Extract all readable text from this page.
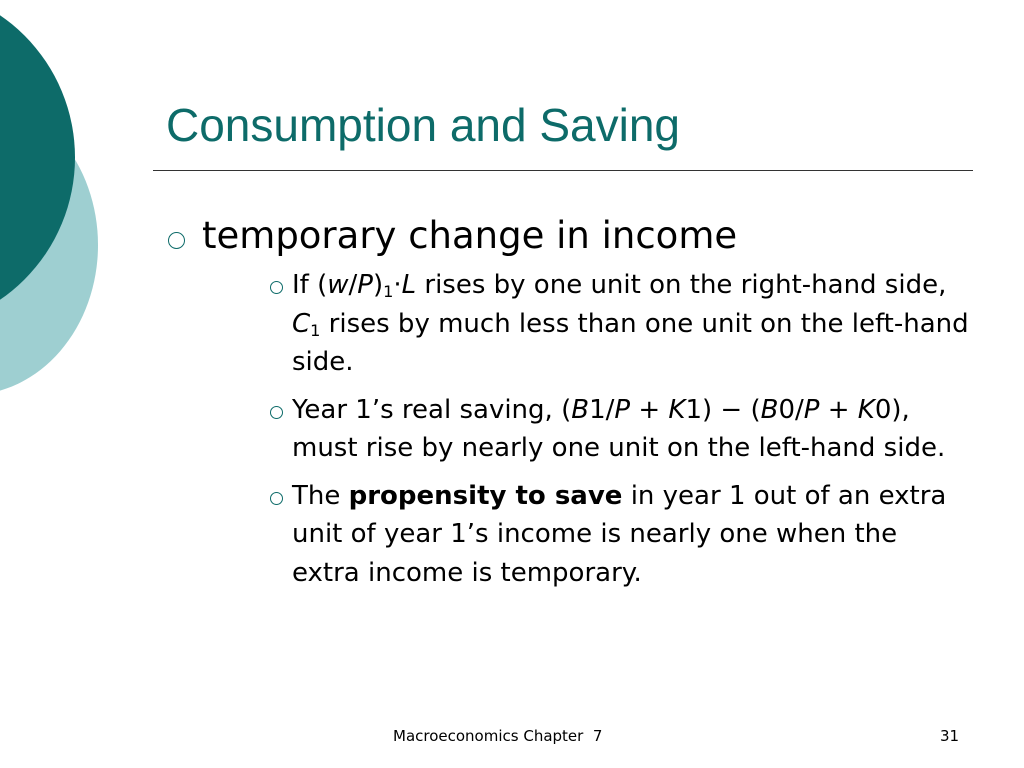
Consumption and Saving
temporary change in income
If $(w/P)_1\cdot L$ rises by one unit on the right-hand side, $C_1$ rises by much less than one unit on the left-hand side.
Year 1’s real saving, (B1/P + K1) − (B0/P + K0), must rise by nearly one unit on the left-hand side.
The propensity to save in year 1 out of an extra unit of year 1’s income is nearly one when the extra income is temporary.
Macroeconomics Chapter  7	31
